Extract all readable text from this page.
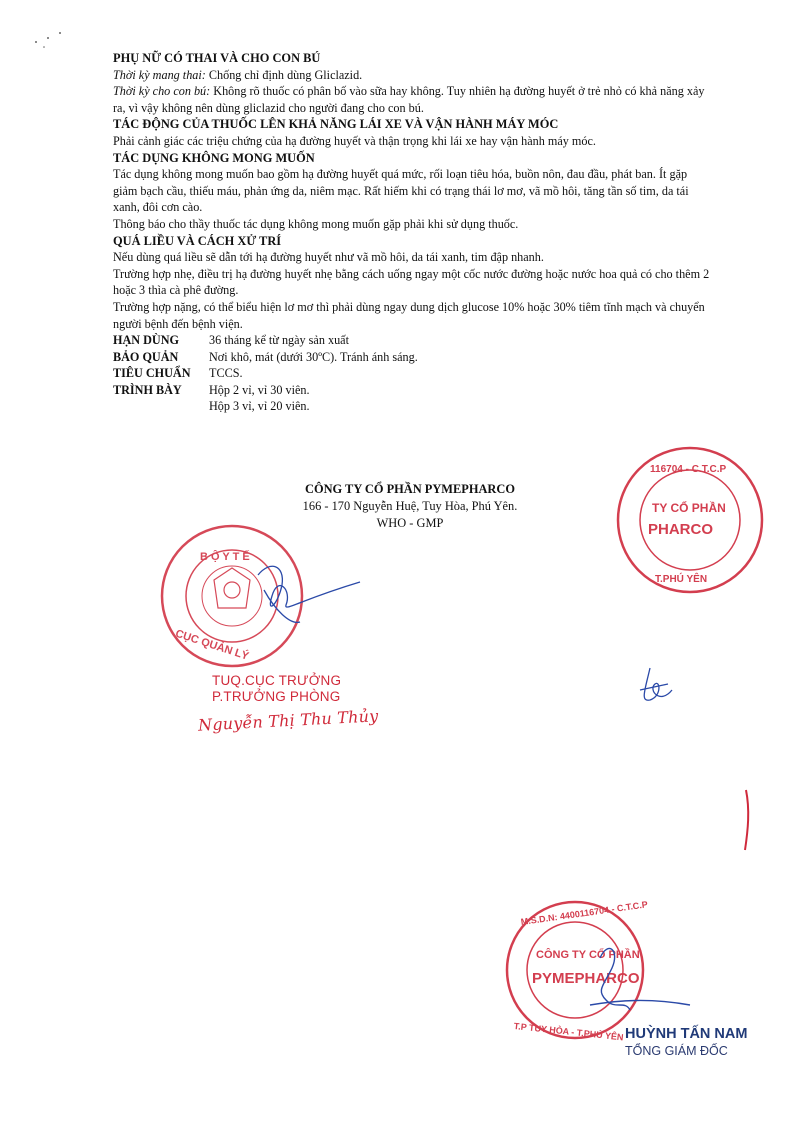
PHỤ NỮ CÓ THAI VÀ CHO CON BÚ

Thời kỳ mang thai: Chống chỉ định dùng Gliclazid.

Thời kỳ cho con bú: Không rõ thuốc có phân bố vào sữa hay không. Tuy nhiên hạ đường huyết ở trẻ nhỏ có khả năng xảy ra, vì vậy không nên dùng gliclazid cho người đang cho con bú.

TÁC ĐỘNG CỦA THUỐC LÊN KHẢ NĂNG LÁI XE VÀ VẬN HÀNH MÁY MÓC

Phải cảnh giác các triệu chứng của hạ đường huyết và thận trọng khi lái xe hay vận hành máy móc.

TÁC DỤNG KHÔNG MONG MUỐN

Tác dụng không mong muốn bao gồm hạ đường huyết quá mức, rối loạn tiêu hóa, buồn nôn, đau đầu, phát ban. Ít gặp giảm bạch cầu, thiếu máu, phản ứng da, niêm mạc. Rất hiếm khi có trạng thái lơ mơ, vã mồ hôi, tăng tần số tim, da tái xanh, đôi cơn cào.

Thông báo cho thầy thuốc tác dụng không mong muốn gặp phải khi sử dụng thuốc.

QUÁ LIỀU VÀ CÁCH XỬ TRÍ

Nếu dùng quá liều sẽ dẫn tới hạ đường huyết như vã mồ hôi, da tái xanh, tim đập nhanh.

Trường hợp nhẹ, điều trị hạ đường huyết nhẹ bằng cách uống ngay một cốc nước đường hoặc nước hoa quả có cho thêm 2 hoặc 3 thìa cà phê đường.

Trường hợp nặng, có thể biểu hiện lơ mơ thì phải dùng ngay dung dịch glucose 10% hoặc 30% tiêm tĩnh mạch và chuyển người bệnh đến bệnh viện.

HẠN DÙNG	36 tháng kể từ ngày sản xuất
BẢO QUẢN	Nơi khô, mát (dưới 30ºC). Tránh ánh sáng.
TIÊU CHUẨN	TCCS.
TRÌNH BÀY	Hộp 2 vỉ, vỉ 30 viên.
Hộp 3 vỉ, vỉ 20 viên.
CÔNG TY CỔ PHẦN PYMEPHARCO
166 - 170 Nguyễn Huệ, Tuy Hòa, Phú Yên.
WHO - GMP
B Ộ Y T Ế
CỤC QUẢN LÝ
TY CỔ PHẦN
PHARCO
116704 - C.T.C.P
T.PHÚ YÊN
CÔNG TY CỔ PHẦN
PYMEPHARCO
M.S.D.N: 4400116704 - C.T.C.P
T.P TUY HÒA - T.PHÚ YÊN
TUQ.CỤC TRƯỞNG
P.TRƯỞNG PHÒNG
Nguyễn Thị Thu Thủy
HUỲNH TẤN NAM
TỔNG GIÁM ĐỐC
